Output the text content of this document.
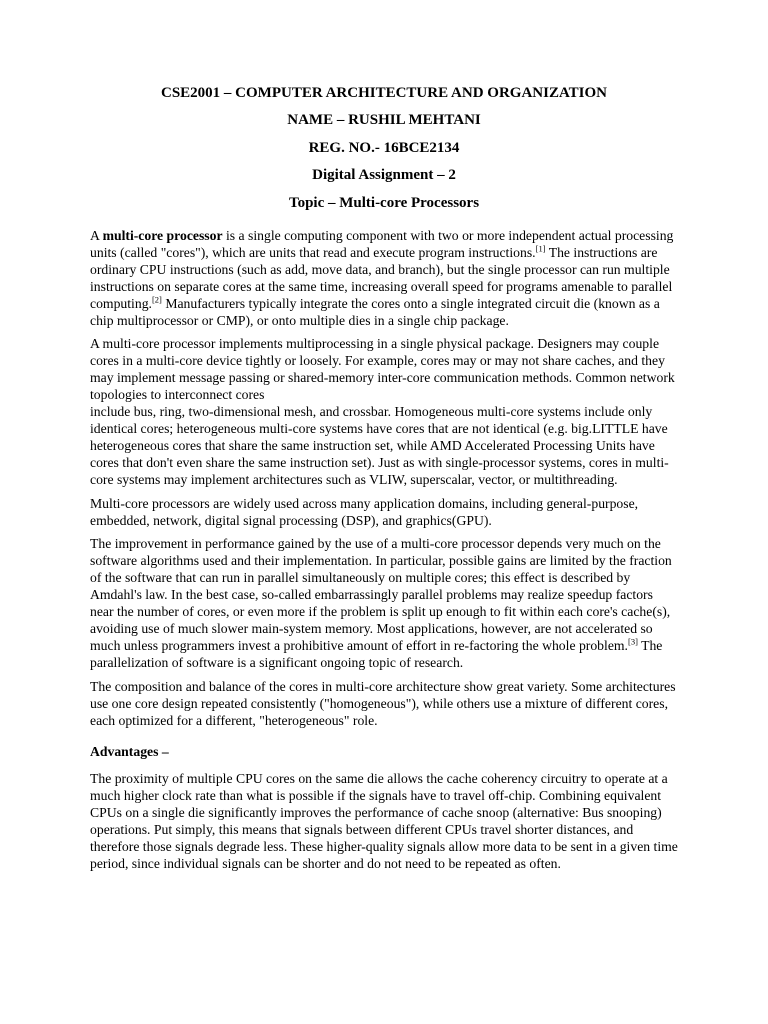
CSE2001 – COMPUTER ARCHITECTURE AND ORGANIZATION
NAME – RUSHIL MEHTANI
REG. NO.- 16BCE2134
Digital Assignment – 2
Topic – Multi-core Processors

A multi-core processor is a single computing component with two or more independent actual processing units (called "cores"), which are units that read and execute program instructions.[1] The instructions are ordinary CPU instructions (such as add, move data, and branch), but the single processor can run multiple instructions on separate cores at the same time, increasing overall speed for programs amenable to parallel computing.[2] Manufacturers typically integrate the cores onto a single integrated circuit die (known as a chip multiprocessor or CMP), or onto multiple dies in a single chip package.

A multi-core processor implements multiprocessing in a single physical package. Designers may couple cores in a multi-core device tightly or loosely. For example, cores may or may not share caches, and they may implement message passing or shared-memory inter-core communication methods. Common network topologies to interconnect cores
include bus, ring, two-dimensional mesh, and crossbar. Homogeneous multi-core systems include only identical cores; heterogeneous multi-core systems have cores that are not identical (e.g. big.LITTLE have heterogeneous cores that share the same instruction set, while AMD Accelerated Processing Units have cores that don't even share the same instruction set). Just as with single-processor systems, cores in multi-core systems may implement architectures such as VLIW, superscalar, vector, or multithreading.

Multi-core processors are widely used across many application domains, including general-purpose, embedded, network, digital signal processing (DSP), and graphics(GPU).

The improvement in performance gained by the use of a multi-core processor depends very much on the software algorithms used and their implementation. In particular, possible gains are limited by the fraction of the software that can run in parallel simultaneously on multiple cores; this effect is described by Amdahl's law. In the best case, so-called embarrassingly parallel problems may realize speedup factors near the number of cores, or even more if the problem is split up enough to fit within each core's cache(s), avoiding use of much slower main-system memory. Most applications, however, are not accelerated so much unless programmers invest a prohibitive amount of effort in re-factoring the whole problem.[3] The parallelization of software is a significant ongoing topic of research.

The composition and balance of the cores in multi-core architecture show great variety. Some architectures use one core design repeated consistently ("homogeneous"), while others use a mixture of different cores, each optimized for a different, "heterogeneous" role.

Advantages –

The proximity of multiple CPU cores on the same die allows the cache coherency circuitry to operate at a much higher clock rate than what is possible if the signals have to travel off-chip. Combining equivalent CPUs on a single die significantly improves the performance of cache snoop (alternative: Bus snooping) operations. Put simply, this means that signals between different CPUs travel shorter distances, and therefore those signals degrade less. These higher-quality signals allow more data to be sent in a given time period, since individual signals can be shorter and do not need to be repeated as often.
